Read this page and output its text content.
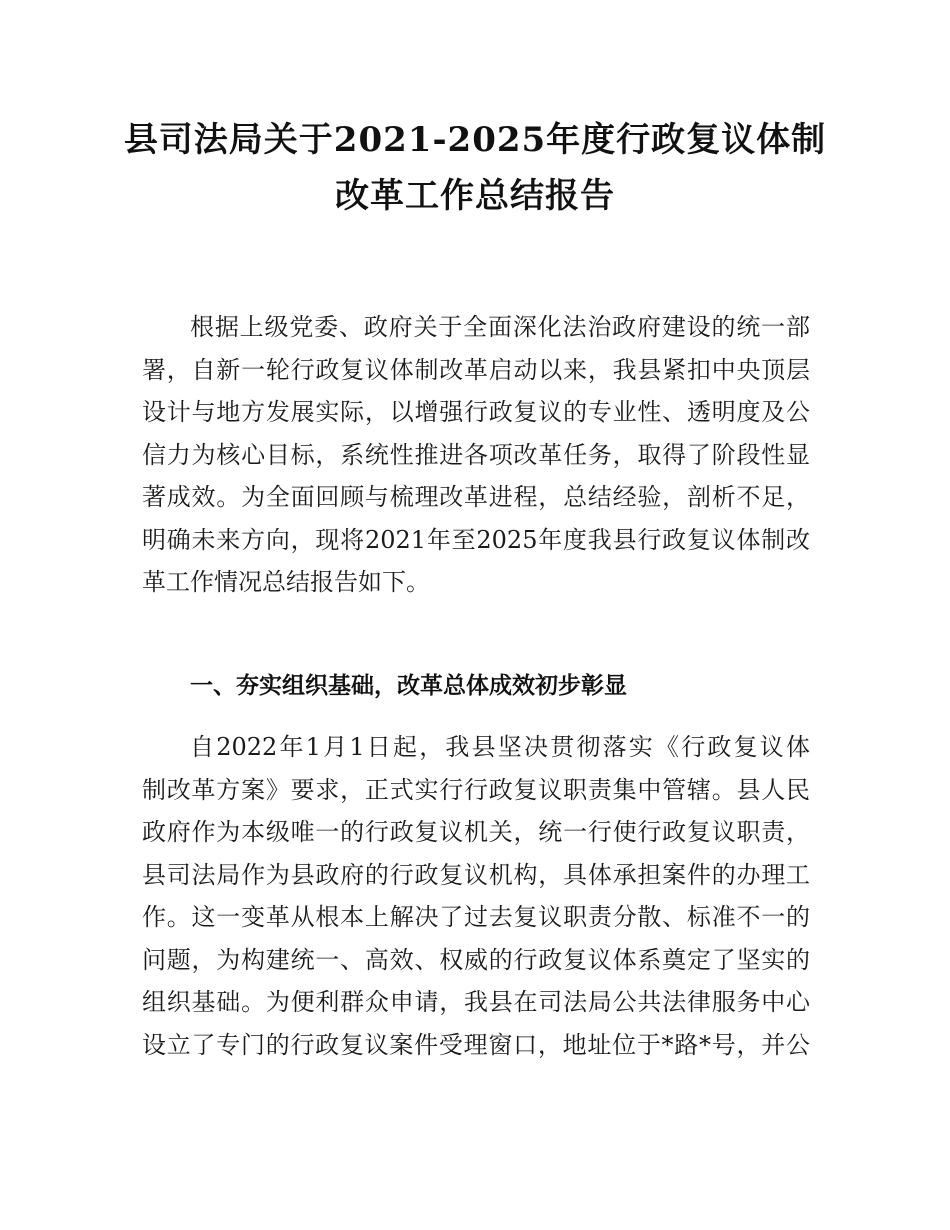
县司法局关于2021-2025年度行政复议体制
改革工作总结报告
根据上级党委、政府关于全面深化法治政府建设的统一部
署，自新一轮行政复议体制改革启动以来，我县紧扣中央顶层
设计与地方发展实际，以增强行政复议的专业性、透明度及公
信力为核心目标，系统性推进各项改革任务，取得了阶段性显
著成效。为全面回顾与梳理改革进程，总结经验，剖析不足，
明确未来方向，现将2021年至2025年度我县行政复议体制改
革工作情况总结报告如下。
一、夯实组织基础，改革总体成效初步彰显
自2022年1月1日起，我县坚决贯彻落实《行政复议体
制改革方案》要求，正式实行行政复议职责集中管辖。县人民
政府作为本级唯一的行政复议机关，统一行使行政复议职责，
县司法局作为县政府的行政复议机构，具体承担案件的办理工
作。这一变革从根本上解决了过去复议职责分散、标准不一的
问题，为构建统一、高效、权威的行政复议体系奠定了坚实的
组织基础。为便利群众申请，我县在司法局公共法律服务中心
设立了专门的行政复议案件受理窗口，地址位于*路*号，并公
